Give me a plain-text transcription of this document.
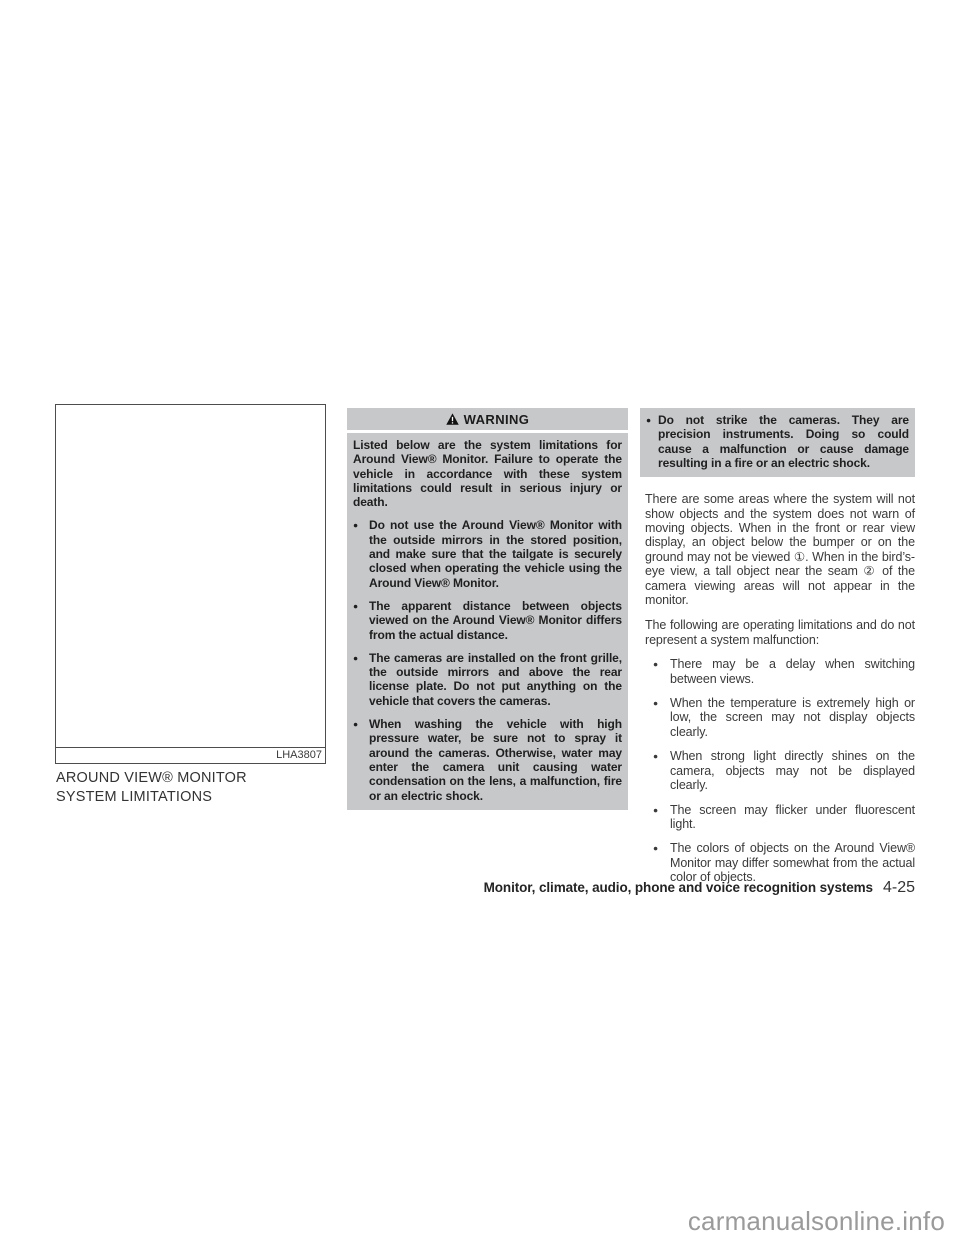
LHA3807
AROUND VIEW® MONITOR
SYSTEM LIMITATIONS
WARNING

Listed below are the system limitations for Around View® Monitor. Failure to operate the vehicle in accordance with these system limitations could result in serious injury or death.

● Do not use the Around View® Monitor with the outside mirrors in the stored position, and make sure that the tailgate is securely closed when operating the vehicle using the Around View® Monitor.
● The apparent distance between objects viewed on the Around View® Monitor differs from the actual distance.
● The cameras are installed on the front grille, the outside mirrors and above the rear license plate. Do not put anything on the vehicle that covers the cameras.
● When washing the vehicle with high pressure water, be sure not to spray it around the cameras. Otherwise, water may enter the camera unit causing water condensation on the lens, a malfunction, fire or an electric shock.
● Do not strike the cameras. They are precision instruments. Doing so could cause a malfunction or cause damage resulting in a fire or an electric shock.

There are some areas where the system will not show objects and the system does not warn of moving objects. When in the front or rear view display, an object below the bumper or on the ground may not be viewed ①. When in the bird’s-eye view, a tall object near the seam ② of the camera viewing areas will not appear in the monitor.

The following are operating limitations and do not represent a system malfunction:

● There may be a delay when switching between views.
● When the temperature is extremely high or low, the screen may not display objects clearly.
● When strong light directly shines on the camera, objects may not be displayed clearly.
● The screen may flicker under fluorescent light.
● The colors of objects on the Around View® Monitor may differ somewhat from the actual color of objects.
Monitor, climate, audio, phone and voice recognition systems 4-25
carmanualsonline.info
